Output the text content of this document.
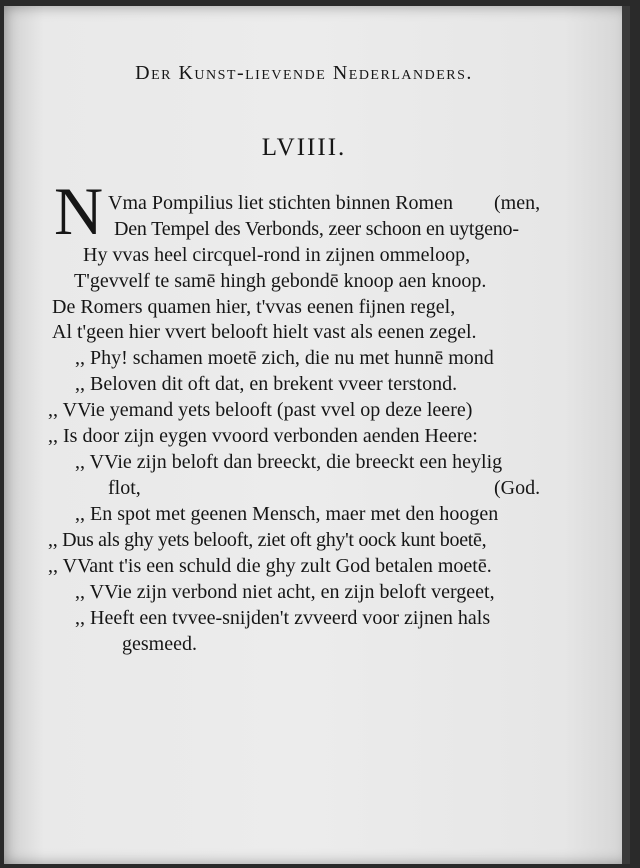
Der Kunst-lievende Nederlanders.
LVIIII.
N Vma Pompilius liet stichten binnen Romen (men,
Den Tempel des Verbonds, zeer schoon en uytgeno-
Hy vvas heel circquel-rond in zijnen ommeloop,
T'gevvelf te samē hingh gebondē knoop aen knoop.
De Romers quamen hier, t'vvas eenen fijnen regel,
Al t'geen hier vvert belooft hielt vast als eenen zegel.
,, Phy! schamen moetē zich, die nu met hunnē mond
,, Beloven dit oft dat, en brekent vveer terstond.
,, VVie yemand yets belooft (past vvel op deze leere)
,, Is door zijn eygen vvoord verbonden aenden Heere:
,, VVie zijn beloft dan breeckt, die breeckt een heylig
flot,	(God.
,, En spot met geenen Mensch, maer met den hoogen
,, Dus als ghy yets belooft, ziet oft ghy't oock kunt boetē,
,, VVant t'is een schuld die ghy zult God betalen moetē.
,, VVie zijn verbond niet acht, en zijn beloft vergeet,
,, Heeft een tvvee-snijden't zvveerd voor zijnen hals
gesmeed.
